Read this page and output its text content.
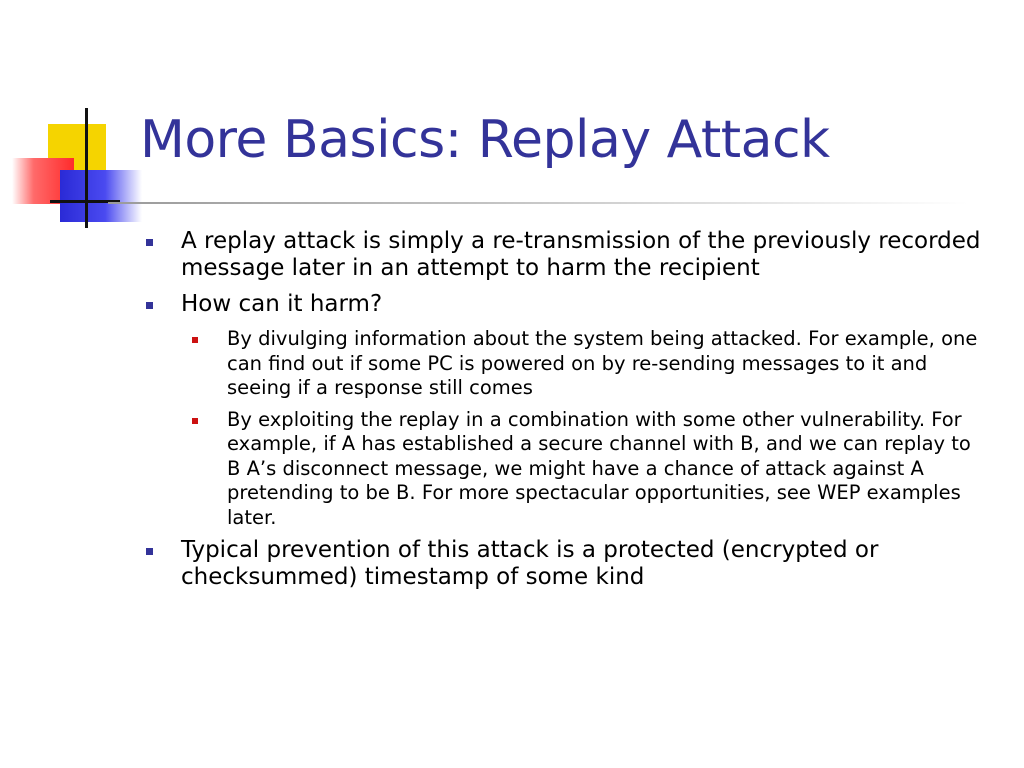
More Basics: Replay Attack
A replay attack is simply a re-transmission of the previously recorded message later in an attempt to harm the recipient
How can it harm?
By divulging information about the system being attacked. For example, one can find out if some PC is powered on by re-sending messages to it and seeing if a response still comes
By exploiting the replay in a combination with some other vulnerability. For example, if A has established a secure channel with B, and we can replay to B A’s disconnect message, we might have a chance of attack against A pretending to be B. For more spectacular opportunities, see WEP examples later.
Typical prevention of this attack is a protected (encrypted or checksummed) timestamp of some kind
